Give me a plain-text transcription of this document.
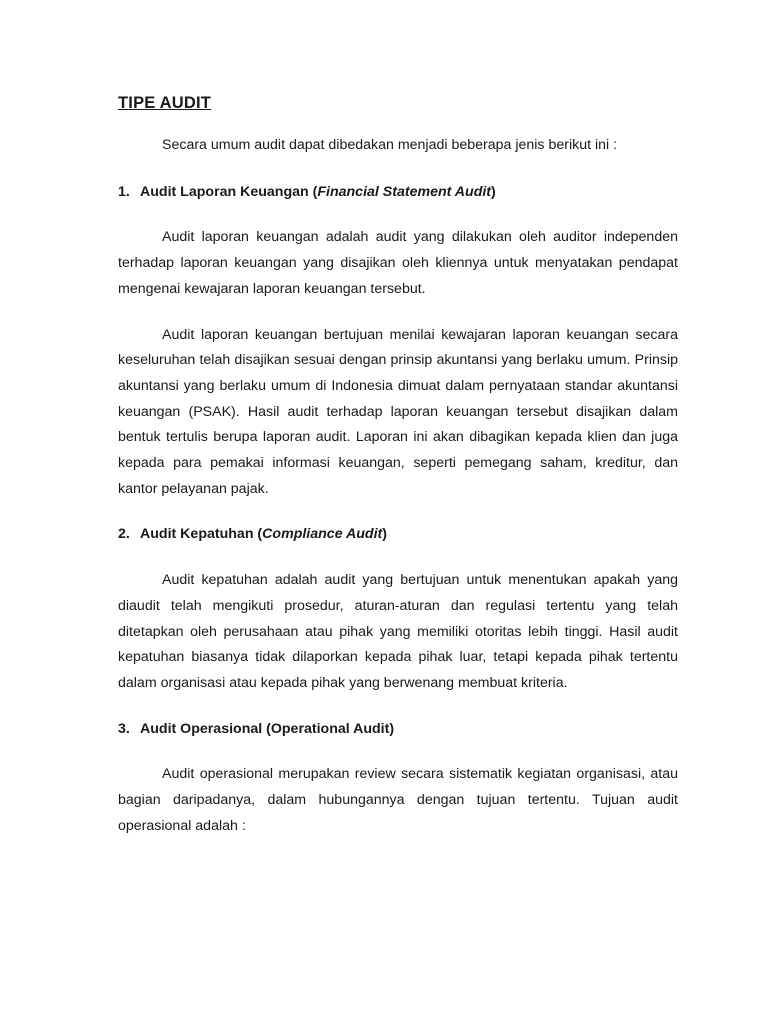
TIPE AUDIT

Secara umum audit dapat dibedakan menjadi beberapa jenis berikut ini :

1. Audit Laporan Keuangan (Financial Statement Audit)

Audit laporan keuangan adalah audit yang dilakukan oleh auditor independen terhadap laporan keuangan yang disajikan oleh kliennya untuk menyatakan pendapat mengenai kewajaran laporan keuangan tersebut.

Audit laporan keuangan bertujuan menilai kewajaran laporan keuangan secara keseluruhan telah disajikan sesuai dengan prinsip akuntansi yang berlaku umum. Prinsip akuntansi yang berlaku umum di Indonesia dimuat dalam pernyataan standar akuntansi keuangan (PSAK). Hasil audit terhadap laporan keuangan tersebut disajikan dalam bentuk tertulis berupa laporan audit. Laporan ini akan dibagikan kepada klien dan juga kepada para pemakai informasi keuangan, seperti pemegang saham, kreditur, dan kantor pelayanan pajak.

2. Audit Kepatuhan (Compliance Audit)

Audit kepatuhan adalah audit yang bertujuan untuk menentukan apakah yang diaudit telah mengikuti prosedur, aturan-aturan dan regulasi tertentu yang telah ditetapkan oleh perusahaan atau pihak yang memiliki otoritas lebih tinggi. Hasil audit kepatuhan biasanya tidak dilaporkan kepada pihak luar, tetapi kepada pihak tertentu dalam organisasi atau kepada pihak yang berwenang membuat kriteria.

3. Audit Operasional (Operational Audit)

Audit operasional merupakan review secara sistematik kegiatan organisasi, atau bagian daripadanya, dalam hubungannya dengan tujuan tertentu. Tujuan audit operasional adalah :
